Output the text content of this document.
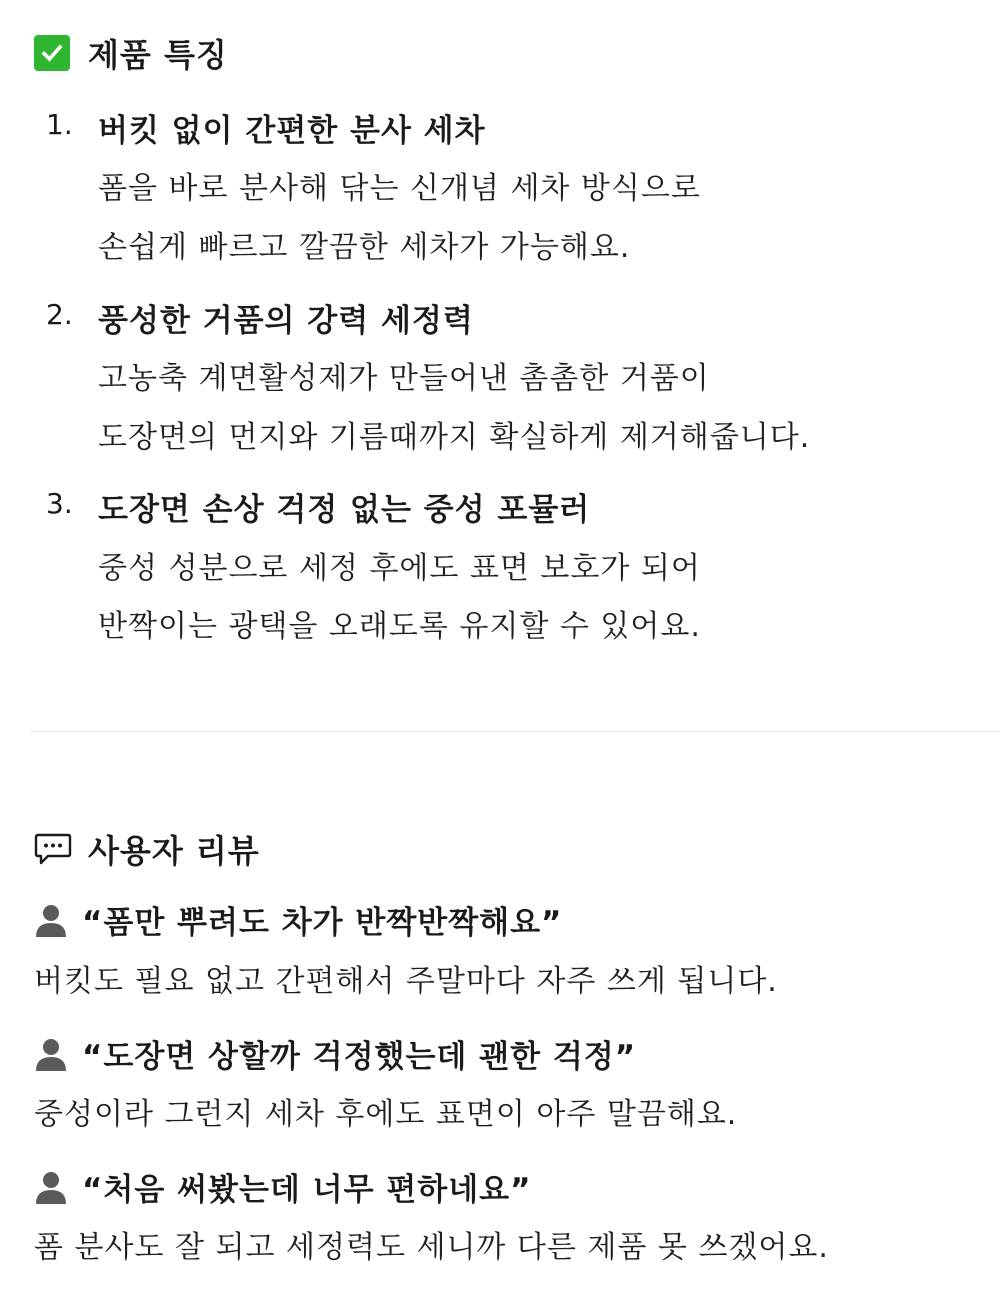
제품 특징
1. 버킷 없이 간편한 분사 세차
폼을 바로 분사해 닦는 신개념 세차 방식으로
손쉽게 빠르고 깔끔한 세차가 가능해요.
2. 풍성한 거품의 강력 세정력
고농축 계면활성제가 만들어낸 촘촘한 거품이
도장면의 먼지와 기름때까지 확실하게 제거해줍니다.
3. 도장면 손상 걱정 없는 중성 포뮬러
중성 성분으로 세정 후에도 표면 보호가 되어
반짝이는 광택을 오래도록 유지할 수 있어요.
사용자 리뷰
“폼만 뿌려도 차가 반짝반짝해요”
버킷도 필요 없고 간편해서 주말마다 자주 쓰게 됩니다.
“도장면 상할까 걱정했는데 괜한 걱정”
중성이라 그런지 세차 후에도 표면이 아주 말끔해요.
“처음 써봤는데 너무 편하네요”
폼 분사도 잘 되고 세정력도 세니까 다른 제품 못 쓰겠어요.
